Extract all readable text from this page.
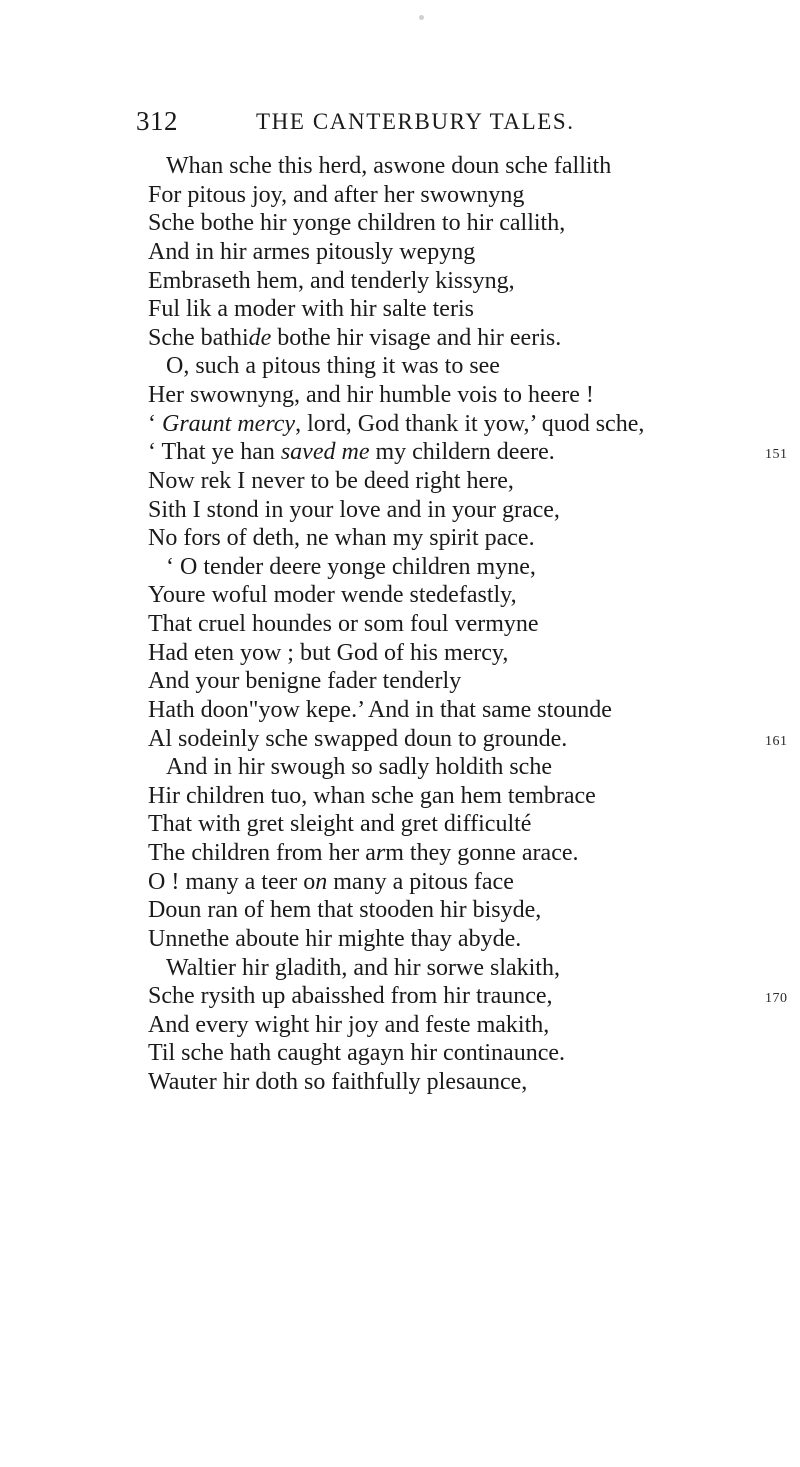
312	THE CANTERBURY TALES.
Whan sche this herd, aswone doun sche fallith
For pitous joy, and after her swownyng
Sche bothe hir yonge children to hir callith,
And in hir armes pitously wepyng
Embraseth hem, and tenderly kissyng,
Ful lik a moder with hir salte teris
Sche bathide bothe hir visage and hir eeris.
O, such a pitous thing it was to see
Her swownyng, and hir humble vois to heere !
‘ Graunt mercy, lord, God thank it yow,’ quod sche,
‘ That ye han saved me my childern deere.	151
Now rek I never to be deed right here,
Sith I stond in your love and in your grace,
No fors of deth, ne whan my spirit pace.
‘ O tender deere yonge children myne,
Youre woful moder wende stedefastly,
That cruel houndes or som foul vermyne
Had eten yow ; but God of his mercy,
And your benigne fader tenderly
Hath doon"yow kepe.’ And in that same stounde
Al sodeinly sche swapped doun to grounde.	161
And in hir swough so sadly holdith sche
Hir children tuo, whan sche gan hem tembrace
That with gret sleight and gret difficulté
The children from her arm they gonne arace.
O ! many a teer on many a pitous face
Doun ran of hem that stooden hir bisyde,
Unnethe aboute hir mighte thay abyde.
Waltier hir gladith, and hir sorwe slakith,
Sche rysith up abaisshed from hir traunce,	170
And every wight hir joy and feste makith,
Til sche hath caught agayn hir continaunce.
Wauter hir doth so faithfully plesaunce,
